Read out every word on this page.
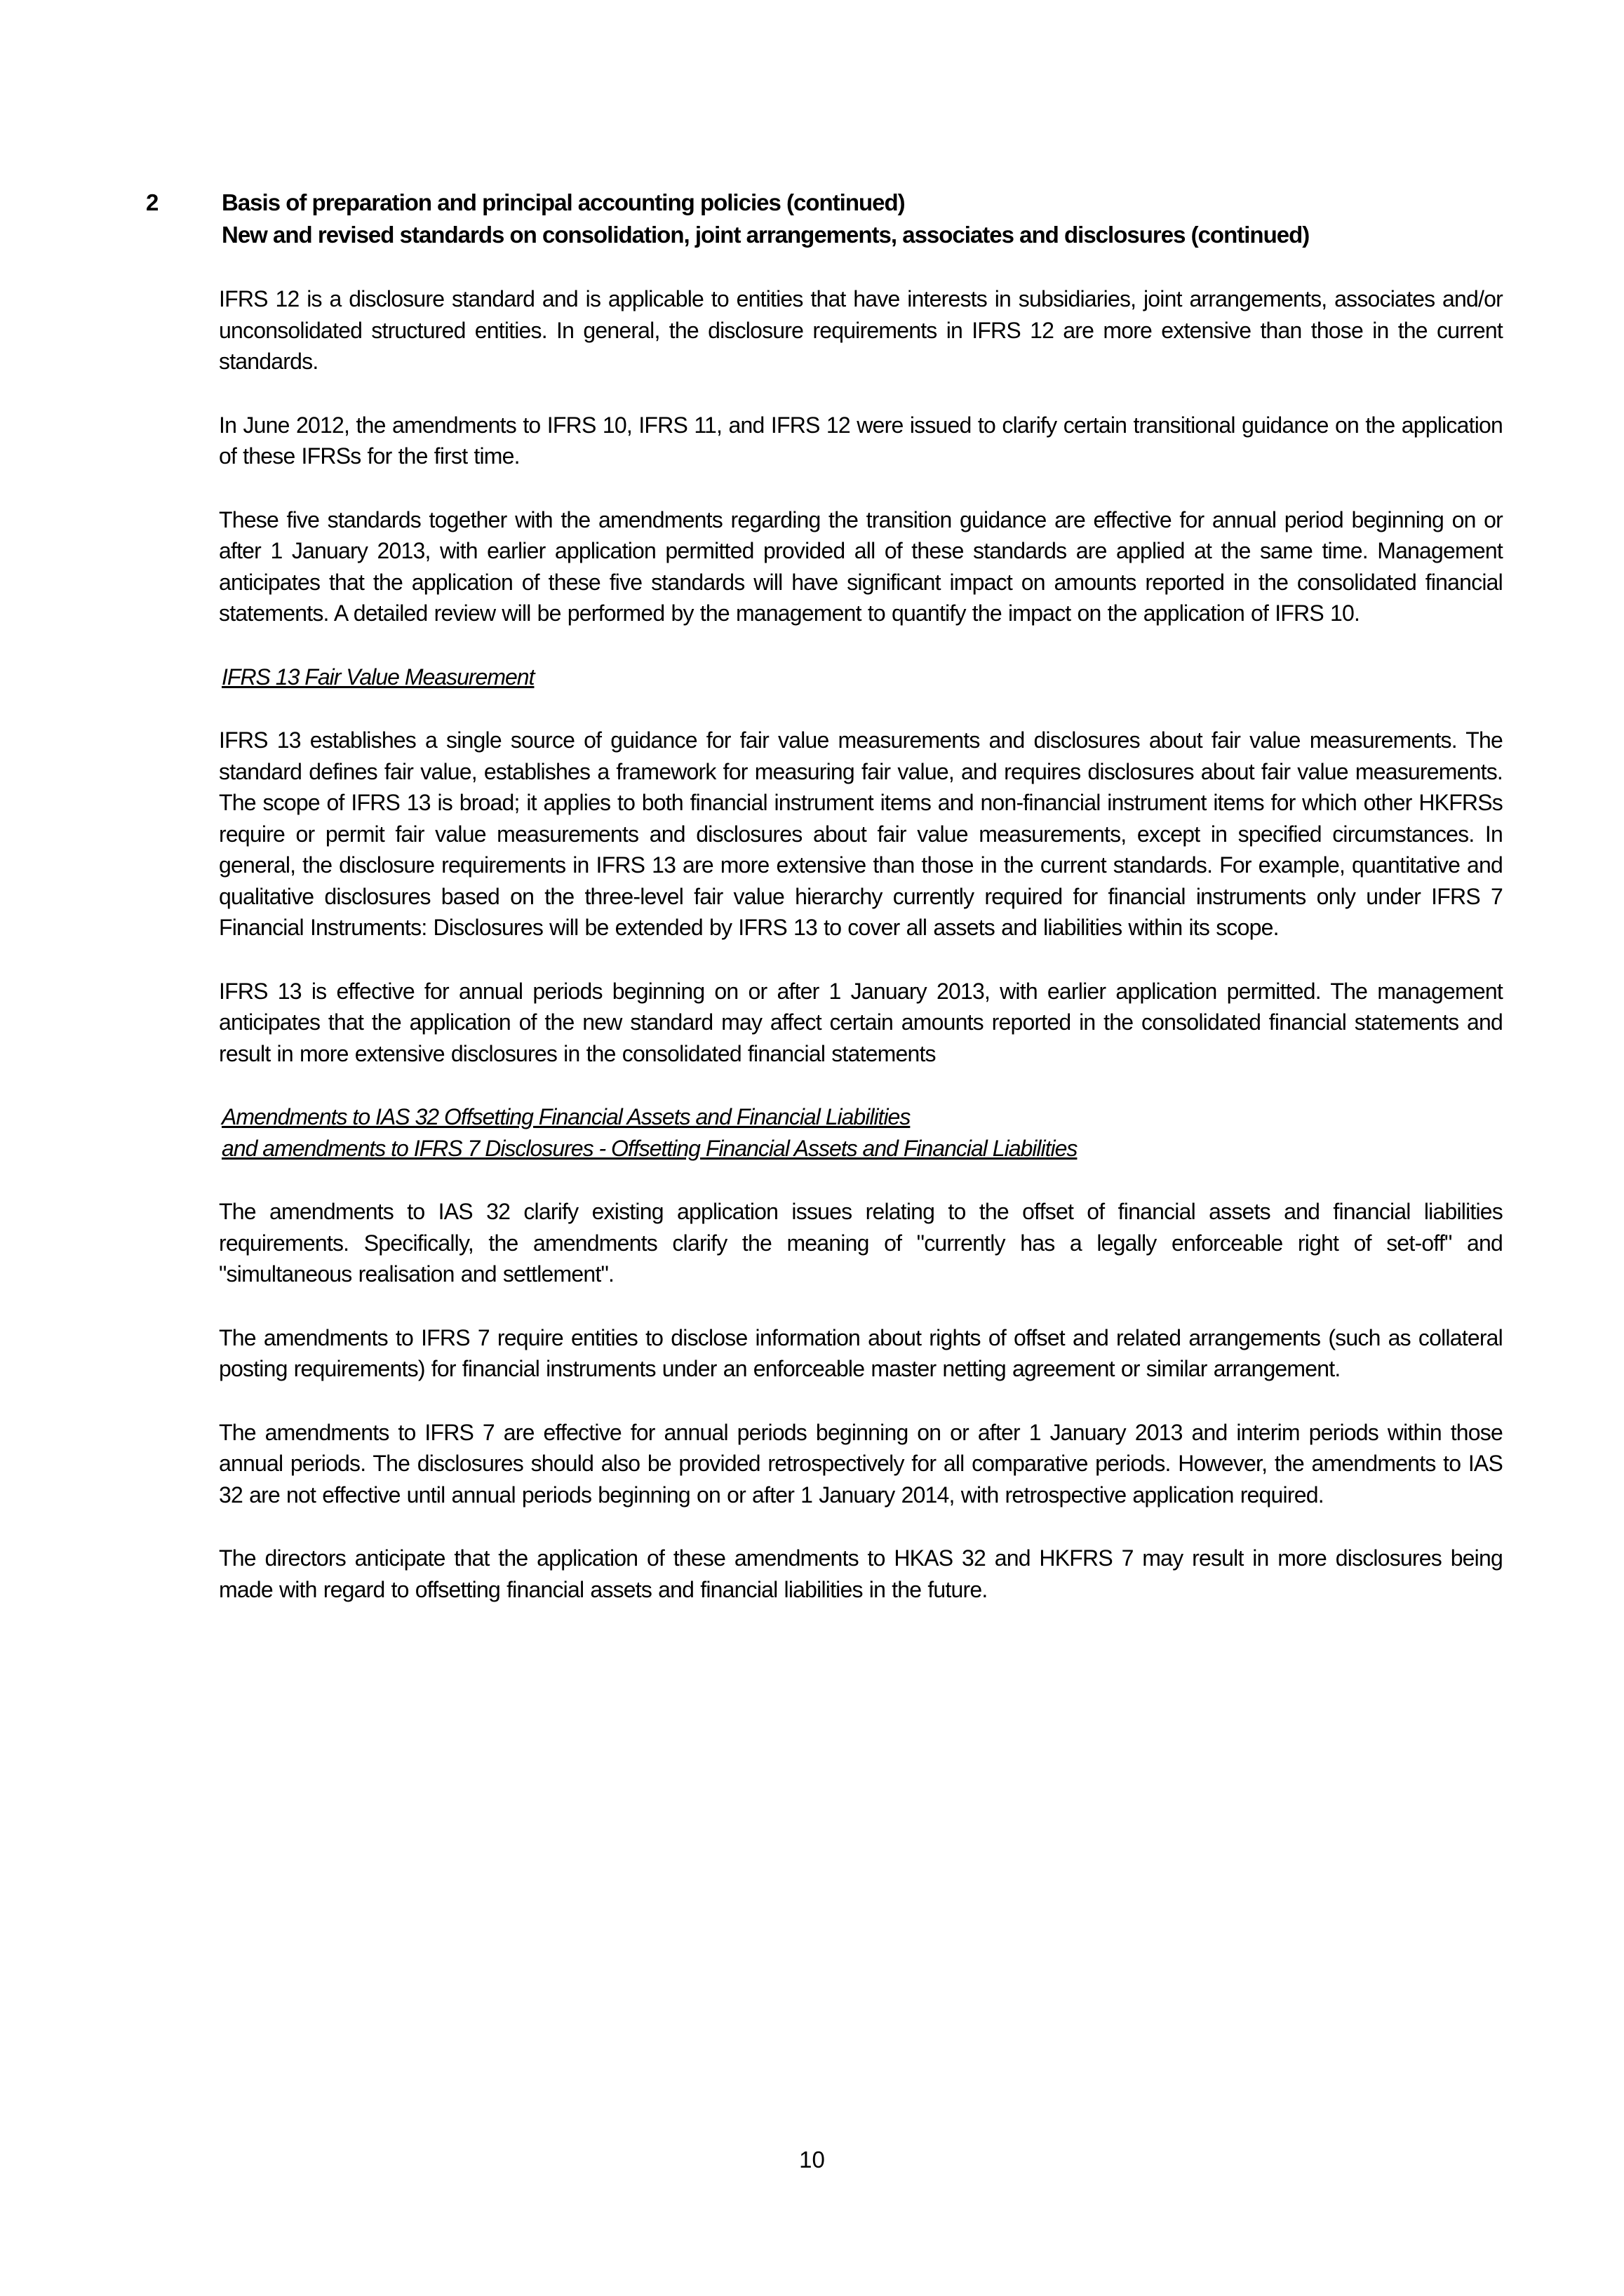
2	Basis of preparation and principal accounting policies (continued)
New and revised standards on consolidation, joint arrangements, associates and disclosures (continued)

IFRS 12 is a disclosure standard and is applicable to entities that have interests in subsidiaries, joint arrangements, associates and/or unconsolidated structured entities. In general, the disclosure requirements in IFRS 12 are more extensive than those in the current standards.

In June 2012, the amendments to IFRS 10, IFRS 11, and IFRS 12 were issued to clarify certain transitional guidance on the application of these IFRSs for the first time.

These five standards together with the amendments regarding the transition guidance are effective for annual period beginning on or after 1 January 2013, with earlier application permitted provided all of these standards are applied at the same time. Management anticipates that the application of these five standards will have significant impact on amounts reported in the consolidated financial statements. A detailed review will be performed by the management to quantify the impact on the application of IFRS 10.

IFRS 13 Fair Value Measurement

IFRS 13 establishes a single source of guidance for fair value measurements and disclosures about fair value measurements. The standard defines fair value, establishes a framework for measuring fair value, and requires disclosures about fair value measurements. The scope of IFRS 13 is broad; it applies to both financial instrument items and non-financial instrument items for which other HKFRSs require or permit fair value measurements and disclosures about fair value measurements, except in specified circumstances. In general, the disclosure requirements in IFRS 13 are more extensive than those in the current standards. For example, quantitative and qualitative disclosures based on the three-level fair value hierarchy currently required for financial instruments only under IFRS 7 Financial Instruments: Disclosures will be extended by IFRS 13 to cover all assets and liabilities within its scope.

IFRS 13 is effective for annual periods beginning on or after 1 January 2013, with earlier application permitted. The management anticipates that the application of the new standard may affect certain amounts reported in the consolidated financial statements and result in more extensive disclosures in the consolidated financial statements

Amendments to IAS 32 Offsetting Financial Assets and Financial Liabilities
and amendments to IFRS 7 Disclosures - Offsetting Financial Assets and Financial Liabilities

The amendments to IAS 32 clarify existing application issues relating to the offset of financial assets and financial liabilities requirements. Specifically, the amendments clarify the meaning of "currently has a legally enforceable right of set-off" and "simultaneous realisation and settlement".

The amendments to IFRS 7 require entities to disclose information about rights of offset and related arrangements (such as collateral posting requirements) for financial instruments under an enforceable master netting agreement or similar arrangement.

The amendments to IFRS 7 are effective for annual periods beginning on or after 1 January 2013 and interim periods within those annual periods. The disclosures should also be provided retrospectively for all comparative periods. However, the amendments to IAS 32 are not effective until annual periods beginning on or after 1 January 2014, with retrospective application required.

The directors anticipate that the application of these amendments to HKAS 32 and HKFRS 7 may result in more disclosures being made with regard to offsetting financial assets and financial liabilities in the future.

10
